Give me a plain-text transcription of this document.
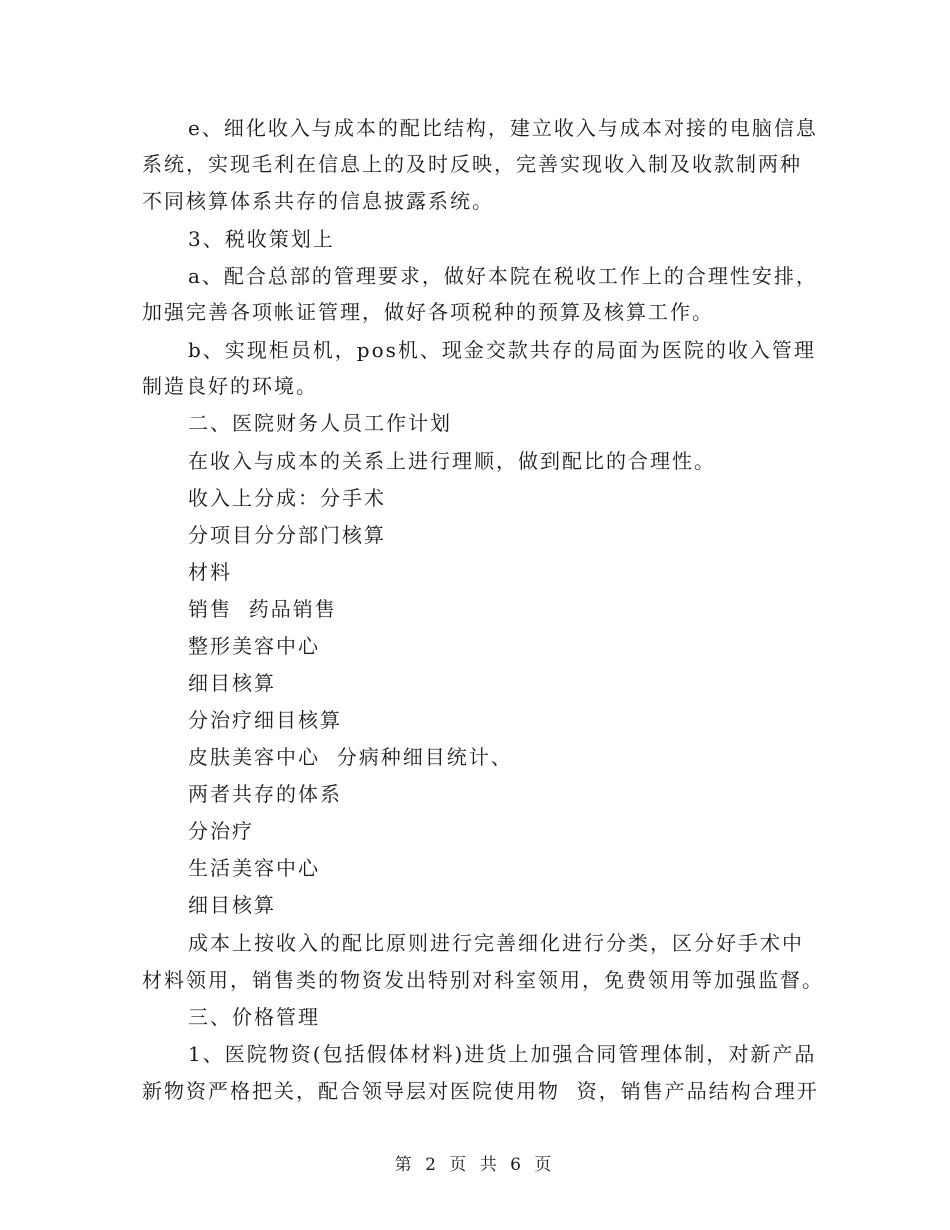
e、细化收入与成本的配比结构，建立收入与成本对接的电脑信息
系统，实现毛利在信息上的及时反映，完善实现收入制及收款制两种
不同核算体系共存的信息披露系统。
3、税收策划上
a、配合总部的管理要求，做好本院在税收工作上的合理性安排，
加强完善各项帐证管理，做好各项税种的预算及核算工作。
b、实现柜员机，pos机、现金交款共存的局面为医院的收入管理
制造良好的环境。
二、医院财务人员工作计划
在收入与成本的关系上进行理顺，做到配比的合理性。
收入上分成：分手术
分项目分分部门核算
材料
销售  药品销售
整形美容中心
细目核算
分治疗细目核算
皮肤美容中心  分病种细目统计、
两者共存的体系
分治疗
生活美容中心
细目核算
成本上按收入的配比原则进行完善细化进行分类，区分好手术中
材料领用，销售类的物资发出特别对科室领用，免费领用等加强监督。
三、价格管理
1、医院物资(包括假体材料)进货上加强合同管理体制，对新产品
新物资严格把关，配合领导层对医院使用物  资，销售产品结构合理开
第 2 页 共 6 页
